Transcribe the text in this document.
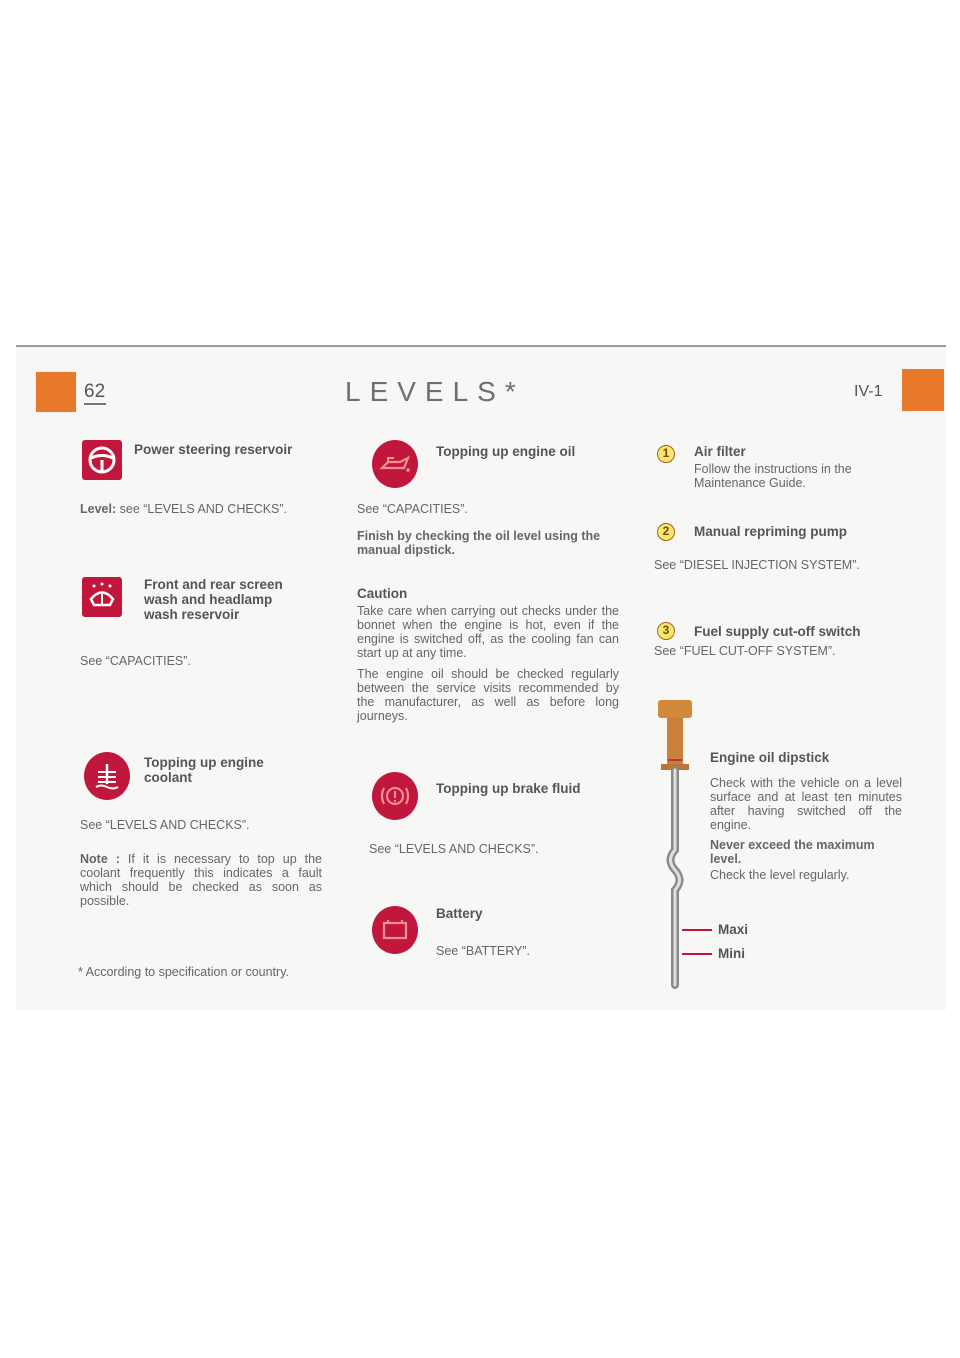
62	LEVELS*	IV-1
Power steering reservoir
Level: see “LEVELS AND CHECKS”.
Front and rear screen
wash and headlamp
wash reservoir
See “CAPACITIES”.
Topping up engine
coolant
See “LEVELS AND CHECKS”.
Note : If it is necessary to top up the coolant frequently this indicates a fault which should be checked as soon as possible.
* According to specification or country.
Topping up engine oil
See “CAPACITIES”.
Finish by checking the oil level using the manual dipstick.
Caution
Take care when carrying out checks under the bonnet when the engine is hot, even if the engine is switched off, as the cooling fan can start up at any time.
The engine oil should be checked regularly between the service visits recommended by the manufacturer, as well as before long journeys.
Topping up brake fluid
See “LEVELS AND CHECKS”.
Battery
See “BATTERY”.
1	Air filter
Follow the instructions in the Maintenance Guide.
2	Manual repriming pump
See “DIESEL INJECTION SYSTEM”.
3	Fuel supply cut-off switch
See “FUEL CUT-OFF SYSTEM”.
Engine oil dipstick
Check with the vehicle on a level surface and at least ten minutes after having switched off the engine.
Never exceed the maximum level.
Check the level regularly.
Maxi
Mini
